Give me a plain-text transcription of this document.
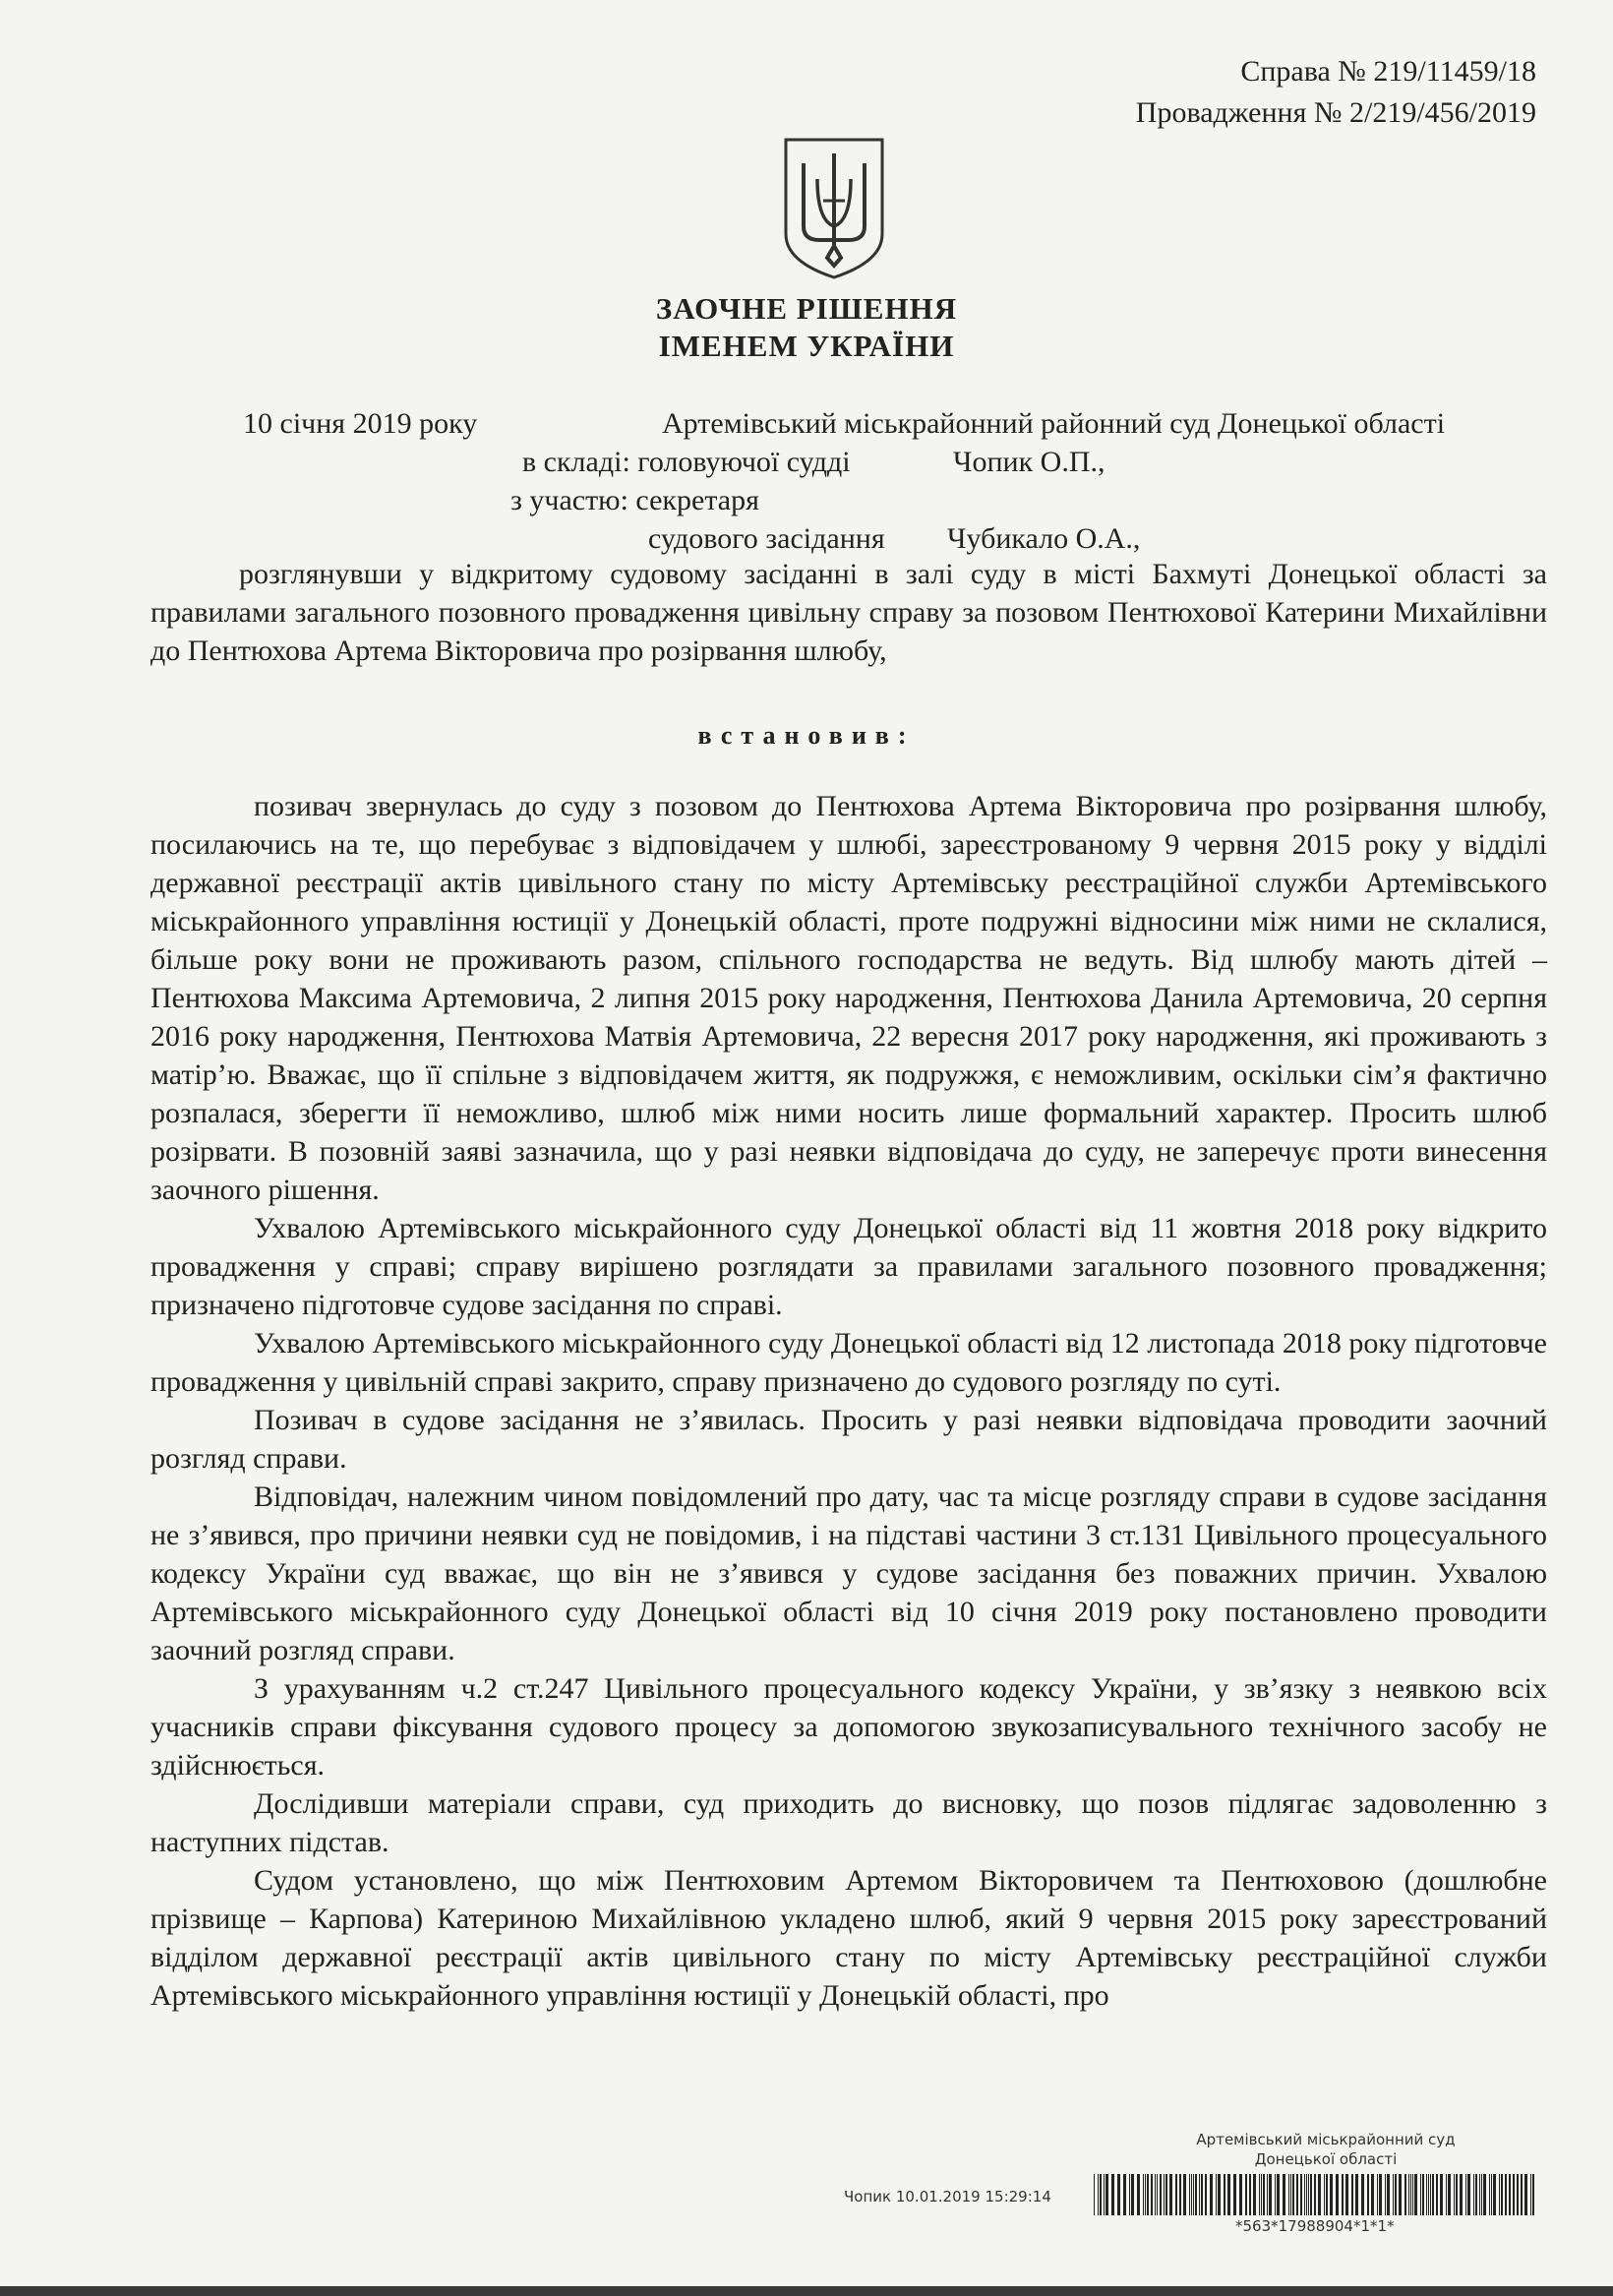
Справа № 219/11459/18
Провадження № 2/219/456/2019
ЗАОЧНЕ РІШЕННЯ
ІМЕНЕМ УКРАЇНИ
10 січня 2019 року	Артемівський міськрайонний районний суд Донецької області
в складі: головуючої судді	Чопик О.П.,
з участю: секретаря
судового засідання Чубикало О.А.,
розглянувши у відкритому судовому засіданні в залі суду в місті Бахмуті Донецької області за правилами загального позовного провадження цивільну справу за позовом Пентюхової Катерини Михайлівни до Пентюхова Артема Вікторовича про розірвання шлюбу,
встановив:

позивач звернулась до суду з позовом до Пентюхова Артема Вікторовича про розірвання шлюбу, посилаючись на те, що перебуває з відповідачем у шлюбі, зареєстрованому 9 червня 2015 року у відділі державної реєстрації актів цивільного стану по місту Артемівську реєстраційної служби Артемівського міськрайонного управління юстиції у Донецькій області, проте подружні відносини між ними не склалися, більше року вони не проживають разом, спільного господарства не ведуть. Від шлюбу мають дітей – Пентюхова Максима Артемовича, 2 липня 2015 року народження, Пентюхова Данила Артемовича, 20 серпня 2016 року народження, Пентюхова Матвія Артемовича, 22 вересня 2017 року народження, які проживають з матір’ю. Вважає, що її спільне з відповідачем життя, як подружжя, є неможливим, оскільки сім’я фактично розпалася, зберегти її неможливо, шлюб між ними носить лише формальний характер. Просить шлюб розірвати. В позовній заяві зазначила, що у разі неявки відповідача до суду, не заперечує проти винесення заочного рішення.

Ухвалою Артемівського міськрайонного суду Донецької області від 11 жовтня 2018 року відкрито провадження у справі; справу вирішено розглядати за правилами загального позовного провадження; призначено підготовче судове засідання по справі.

Ухвалою Артемівського міськрайонного суду Донецької області від 12 листопада 2018 року підготовче провадження у цивільній справі закрито, справу призначено до судового розгляду по суті.

Позивач в судове засідання не з’явилась. Просить у разі неявки відповідача проводити заочний розгляд справи.

Відповідач, належним чином повідомлений про дату, час та місце розгляду справи в судове засідання не з’явився, про причини неявки суд не повідомив, і на підставі частини 3 ст.131 Цивільного процесуального кодексу України суд вважає, що він не з’явився у судове засідання без поважних причин. Ухвалою Артемівського міськрайонного суду Донецької області від 10 січня 2019 року постановлено проводити заочний розгляд справи.

З урахуванням ч.2 ст.247 Цивільного процесуального кодексу України, у зв’язку з неявкою всіх учасників справи фіксування судового процесу за допомогою звукозаписувального технічного засобу не здійснюється.

Дослідивши матеріали справи, суд приходить до висновку, що позов підлягає задоволенню з наступних підстав.

Судом установлено, що між Пентюховим Артемом Вікторовичем та Пентюховою (дошлюбне прізвище – Карпова) Катериною Михайлівною укладено шлюб, який 9 червня 2015 року зареєстрований відділом державної реєстрації актів цивільного стану по місту Артемівську реєстраційної служби Артемівського міськрайонного управління юстиції у Донецькій області, про

Артемівський міськрайонний суд
Донецької області
Чопик 10.01.2019 15:29:14
*563*17988904*1*1*
